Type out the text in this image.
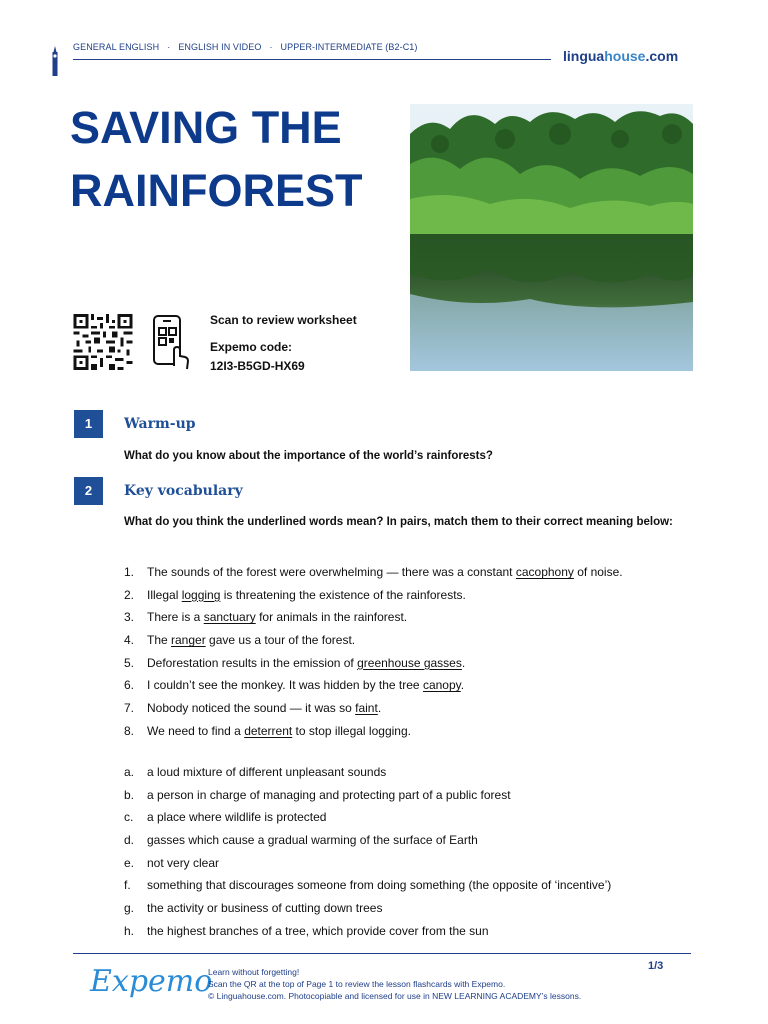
GENERAL ENGLISH · ENGLISH IN VIDEO · UPPER-INTERMEDIATE (B2-C1)
linguahouse.com
SAVING THE
RAINFOREST
Scan to review worksheet
Expemo code:
12I3-B5GD-HX69
1	Warm-up
What do you know about the importance of the world’s rainforests?
2	Key vocabulary
What do you think the underlined words mean? In pairs, match them to their correct meaning below:
1.	The sounds of the forest were overwhelming — there was a constant cacophony of noise.
2.	Illegal logging is threatening the existence of the rainforests.
3.	There is a sanctuary for animals in the rainforest.
4.	The ranger gave us a tour of the forest.
5.	Deforestation results in the emission of greenhouse gasses.
6.	I couldn’t see the monkey. It was hidden by the tree canopy.
7.	Nobody noticed the sound — it was so faint.
8.	We need to find a deterrent to stop illegal logging.
a.	a loud mixture of different unpleasant sounds
b.	a person in charge of managing and protecting part of a public forest
c.	a place where wildlife is protected
d.	gasses which cause a gradual warming of the surface of Earth
e.	not very clear
f.	something that discourages someone from doing something (the opposite of ‘incentive’)
g.	the activity or business of cutting down trees
h.	the highest branches of a tree, which provide cover from the sun
Expemo
Learn without forgetting!
Scan the QR at the top of Page 1 to review the lesson flashcards with Expemo.
© Linguahouse.com. Photocopiable and licensed for use in NEW LEARNING ACADEMY’s lessons.
1/3
